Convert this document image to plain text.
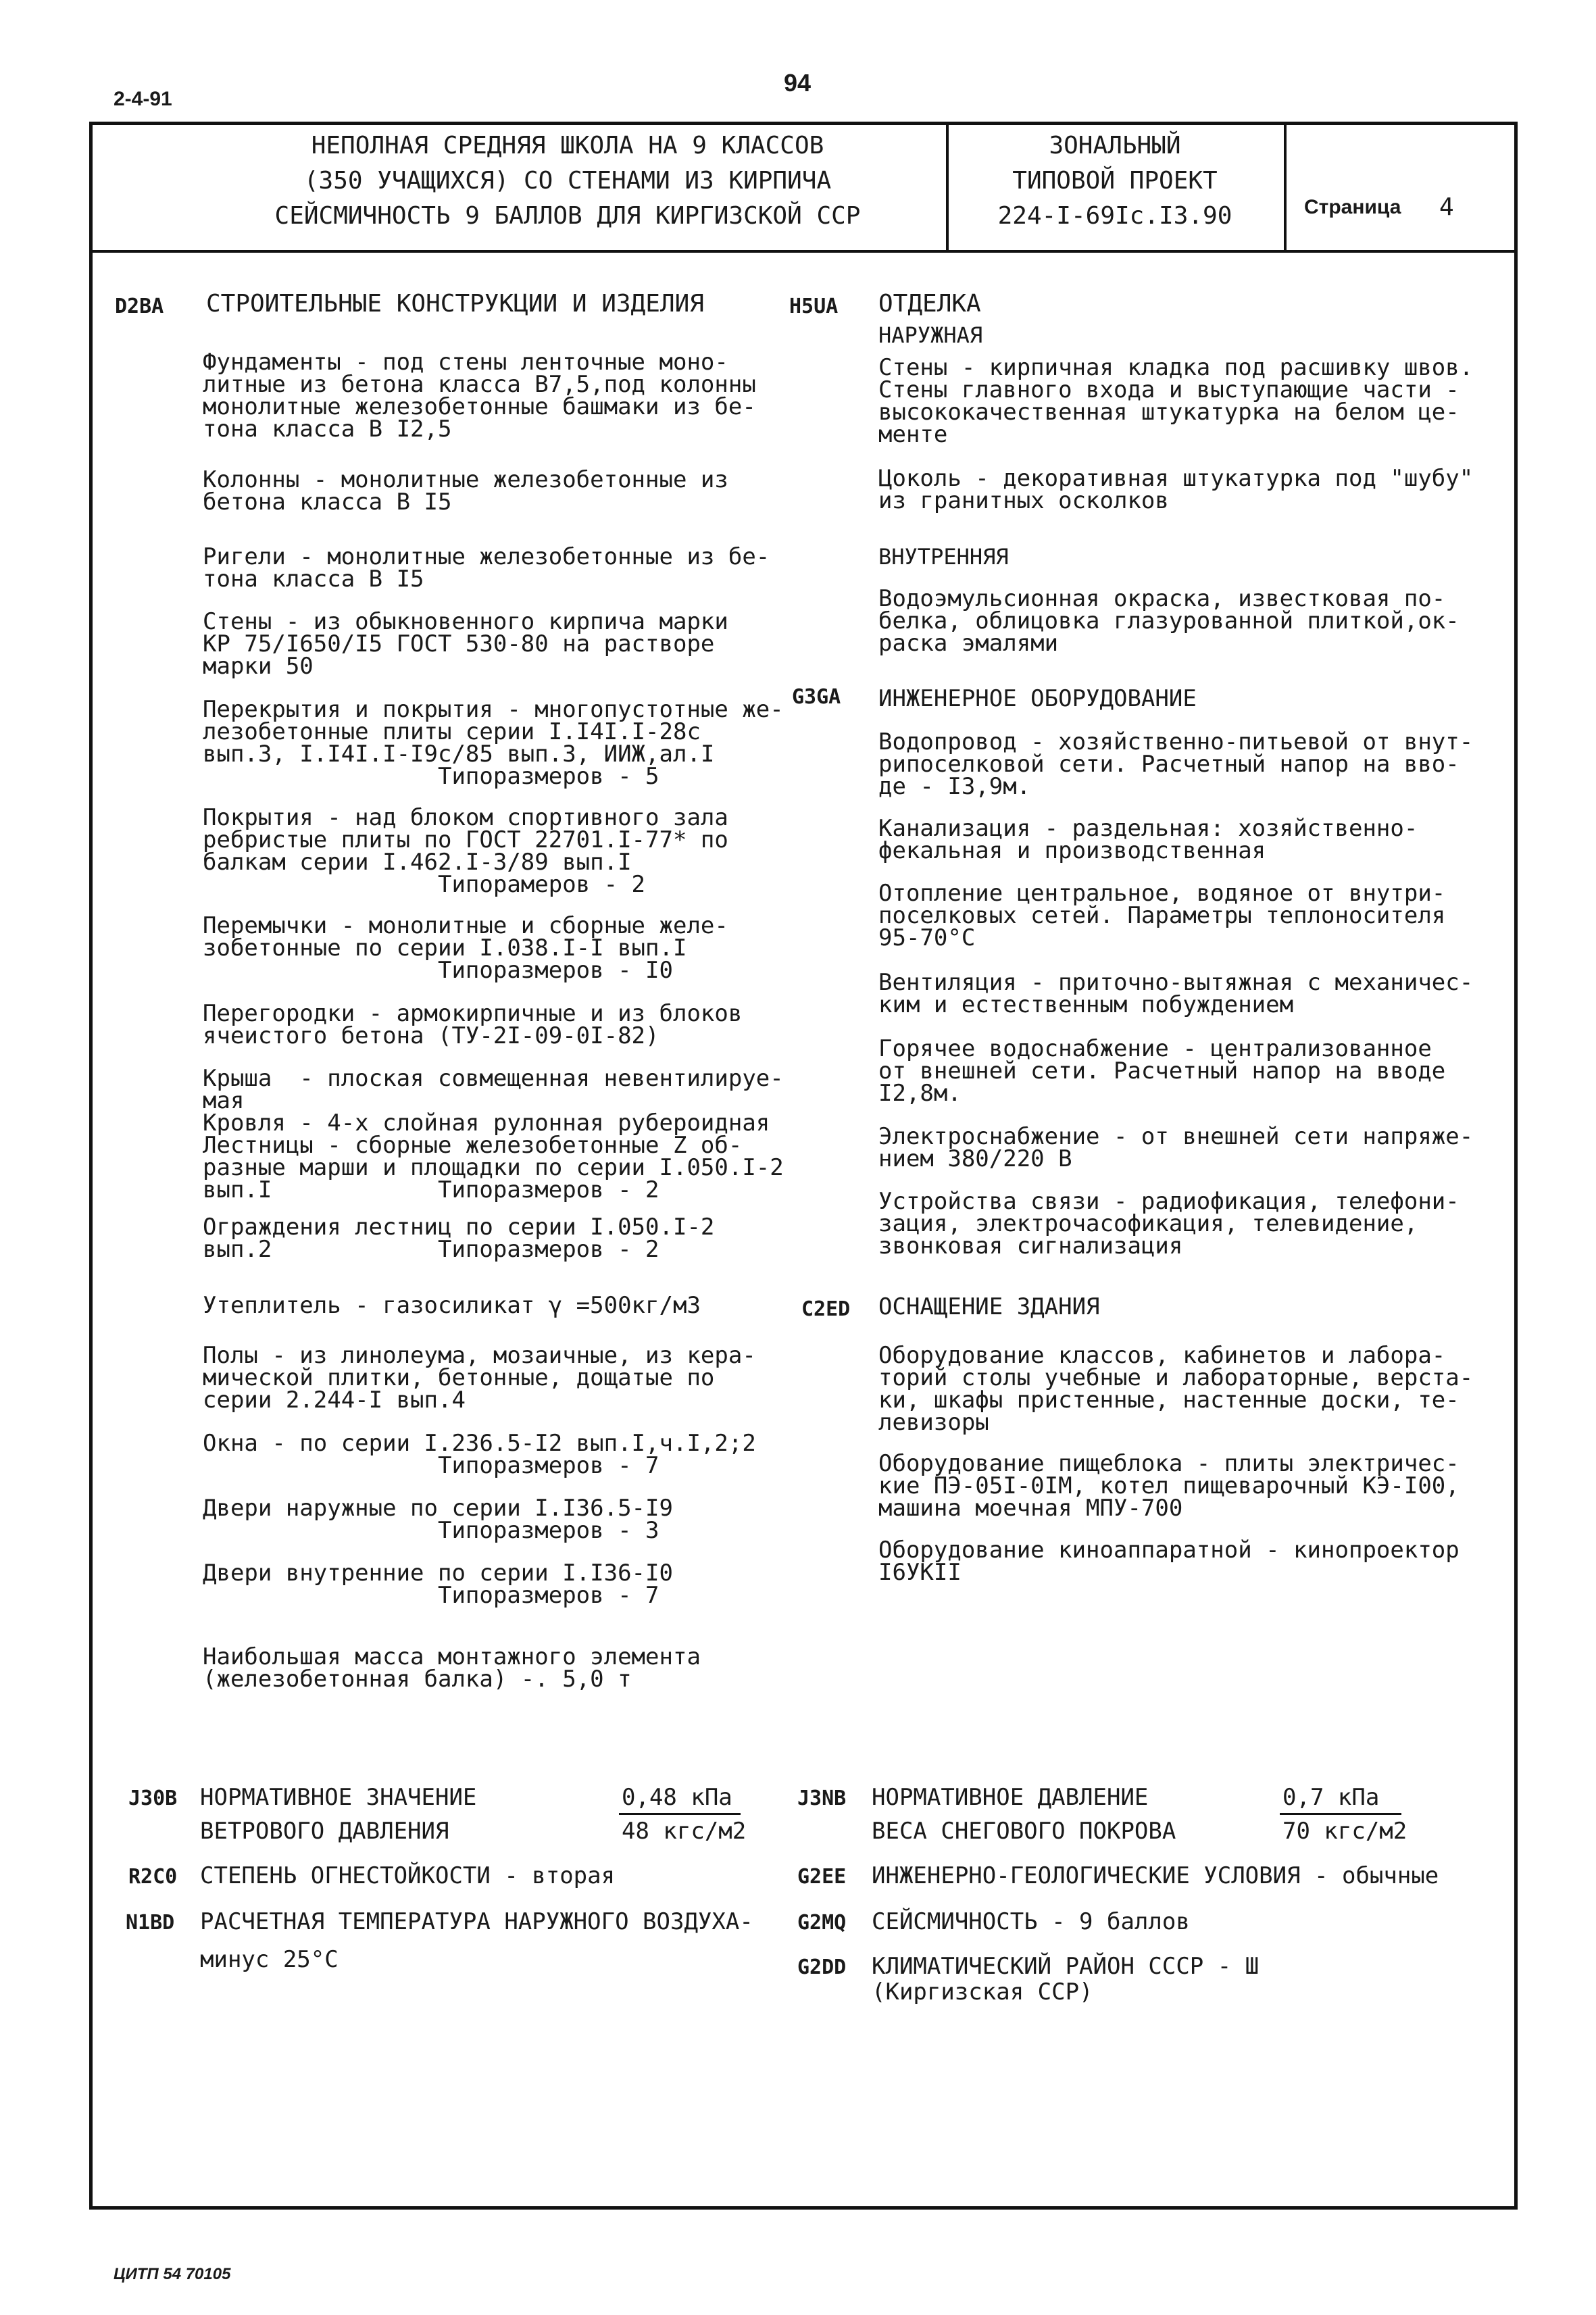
2-4-91
94
НЕПОЛНАЯ СРЕДНЯЯ ШКОЛА НА 9 КЛАССОВ
(350 УЧАЩИХСЯ) СО СТЕНАМИ ИЗ КИРПИЧА
СЕЙСМИЧНОСТЬ 9 БАЛЛОВ ДЛЯ КИРГИЗСКОЙ ССР
ЗОНАЛЬНЫЙ
ТИПОВОЙ ПРОЕКТ
224-I-69Iс.I3.90	Страница 4
D2BA СТРОИТЕЛЬНЫЕ КОНСТРУКЦИИ И ИЗДЕЛИЯ
Фундаменты - под стены ленточные моно-
литные из бетона класса В7,5,под колонны
монолитные железобетонные башмаки из бе-
тона класса В I2,5
Колонны - монолитные железобетонные из
бетона класса В I5
Ригели - монолитные железобетонные из бе-
тона класса В I5
Стены - из обыкновенного кирпича марки
КР 75/I650/I5 ГОСТ 530-80 на растворе
марки 50
Перекрытия и покрытия - многопустотные же-
лезобетонные плиты серии I.I4I.I-28с
вып.3, I.I4I.I-I9с/85 вып.3, ИИЖ,ал.I
Типоразмеров - 5
Покрытия - над блоком спортивного зала
ребристые плиты по ГОСТ 22701.I-77* по
балкам серии I.462.I-3/89 вып.I
Типорамеров - 2
Перемычки - монолитные и сборные желе-
зобетонные по серии I.038.I-I вып.I
Типоразмеров - I0
Перегородки - армокирпичные и из блоков
ячеистого бетона (ТУ-2I-09-0I-82)
Крыша  - плоская совмещенная невентилируе-
мая
Кровля - 4-х слойная рулонная рубероидная
Лестницы - сборные железобетонные Z об-
разные марши и площадки по серии I.050.I-2
вып.I            Типоразмеров - 2
Ограждения лестниц по серии I.050.I-2
вып.2            Типоразмеров - 2
Утеплитель - газосиликат γ =500кг/м3
Полы - из линолеума, мозаичные, из кера-
мической плитки, бетонные, дощатые по
серии 2.244-I вып.4
Окна - по серии I.236.5-I2 вып.I,ч.I,2;2
Типоразмеров - 7
Двери наружные по серии I.I36.5-I9
Типоразмеров - 3
Двери внутренние по серии I.I36-I0
Типоразмеров - 7
Наибольшая масса монтажного элемента
(железобетонная балка) -. 5,0 т
H5UA ОТДЕЛКА
НАРУЖНАЯ
Стены - кирпичная кладка под расшивку швов.
Стены главного входа и выступающие части -
высококачественная штукатурка на белом це-
менте
Цоколь - декоративная штукатурка под "шубу"
из гранитных осколков
ВНУТРЕННЯЯ
Водоэмульсионная окраска, известковая по-
белка, облицовка глазурованной плиткой,ок-
раска эмалями
G3GA ИНЖЕНЕРНОЕ ОБОРУДОВАНИЕ
Водопровод - хозяйственно-питьевой от внут-
рипоселковой сети. Расчетный напор на вво-
де - I3,9м.
Канализация - раздельная: хозяйственно-
фекальная и производственная
Отопление центральное, водяное от внутри-
поселковых сетей. Параметры теплоносителя
95-70°С
Вентиляция - приточно-вытяжная с механичес-
ким и естественным побуждением
Горячее водоснабжение - централизованное
от внешней сети. Расчетный напор на вводе
I2,8м.
Электроснабжение - от внешней сети напряже-
нием 380/220 В
Устройства связи - радиофикация, телефони-
зация, электрочасофикация, телевидение,
звонковая сигнализация
C2ED ОСНАЩЕНИЕ ЗДАНИЯ
Оборудование классов, кабинетов и лабора-
торий столы учебные и лабораторные, верста-
ки, шкафы пристенные, настенные доски, те-
левизоры
Оборудование пищеблока - плиты электричес-
кие ПЭ-05I-0IМ, котел пищеварочный КЭ-I00,
машина моечная МПУ-700
Оборудование киноаппаратной - кинопроектор
I6УКII
J30B НОРМАТИВНОЕ ЗНАЧЕНИЕ
ВЕТРОВОГО ДАВЛЕНИЯ
0,48 кПа
48 кгс/м2
J3NB НОРМАТИВНОЕ ДАВЛЕНИЕ
ВЕСА СНЕГОВОГО ПОКРОВА
0,7 кПа
70 кгс/м2
R2C0 СТЕПЕНЬ ОГНЕСТОЙКОСТИ - вторая	G2EE ИНЖЕНЕРНО-ГЕОЛОГИЧЕСКИЕ УСЛОВИЯ - обычные
N1BD РАСЧЕТНАЯ ТЕМПЕРАТУРА НАРУЖНОГО ВОЗДУХА-
минус 25°С
G2MQ СЕЙСМИЧНОСТЬ - 9 баллов
G2DD КЛИМАТИЧЕСКИЙ РАЙОН СССР - Ш
(Киргизская ССР)
ЦИТП 54 70105
